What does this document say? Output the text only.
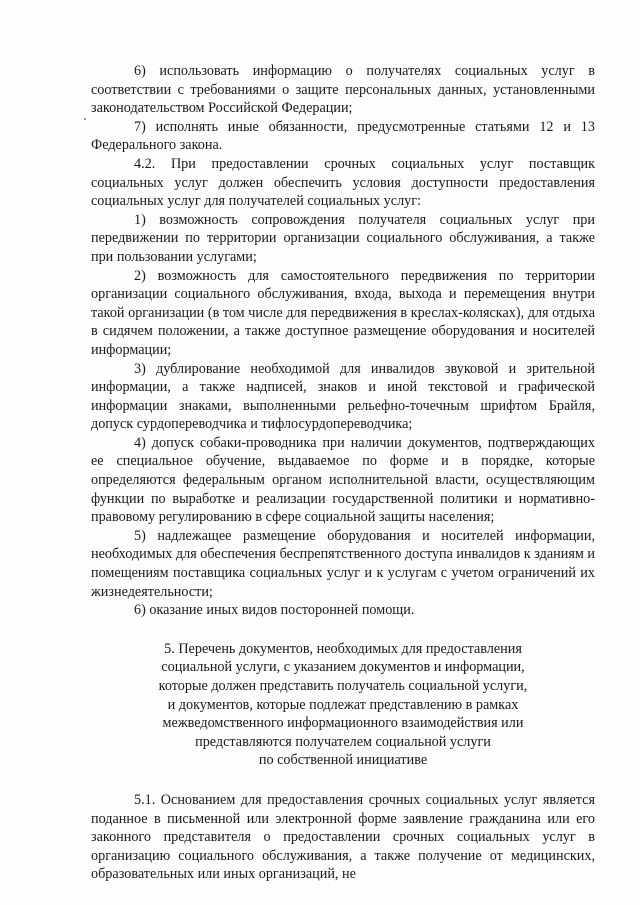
6) использовать информацию о получателях социальных услуг в соответствии с требованиями о защите персональных данных, установленными законодательством Российской Федерации;

7) исполнять иные обязанности, предусмотренные статьями 12 и 13 Федерального закона.

4.2. При предоставлении срочных социальных услуг поставщик социальных услуг должен обеспечить условия доступности предоставления социальных услуг для получателей социальных услуг:

1) возможность сопровождения получателя социальных услуг при передвижении по территории организации социального обслуживания, а также при пользовании услугами;

2) возможность для самостоятельного передвижения по территории организации социального обслуживания, входа, выхода и перемещения внутри такой организации (в том числе для передвижения в креслах-колясках), для отдыха в сидячем положении, а также доступное размещение оборудования и носителей информации;

3) дублирование необходимой для инвалидов звуковой и зрительной информации, а также надписей, знаков и иной текстовой и графической информации знаками, выполненными рельефно-точечным шрифтом Брайля, допуск сурдопереводчика и тифлосурдопереводчика;

4) допуск собаки-проводника при наличии документов, подтверждающих ее специальное обучение, выдаваемое по форме и в порядке, которые определяются федеральным органом исполнительной власти, осуществляющим функции по выработке и реализации государственной политики и нормативно-правовому регулированию в сфере социальной защиты населения;

5) надлежащее размещение оборудования и носителей информации, необходимых для обеспечения беспрепятственного доступа инвалидов к зданиям и помещениям поставщика социальных услуг и к услугам с учетом ограничений их жизнедеятельности;

6) оказание иных видов посторонней помощи.

5. Перечень документов, необходимых для предоставления
социальной услуги, с указанием документов и информации,
которые должен представить получатель социальной услуги,
и документов, которые подлежат представлению в рамках
межведомственного информационного взаимодействия или
представляются получателем социальной услуги
по собственной инициативе

5.1. Основанием для предоставления срочных социальных услуг является поданное в письменной или электронной форме заявление гражданина или его законного представителя о предоставлении срочных социальных услуг в организацию социального обслуживания, а также получение от медицинских, образовательных или иных организаций, не
